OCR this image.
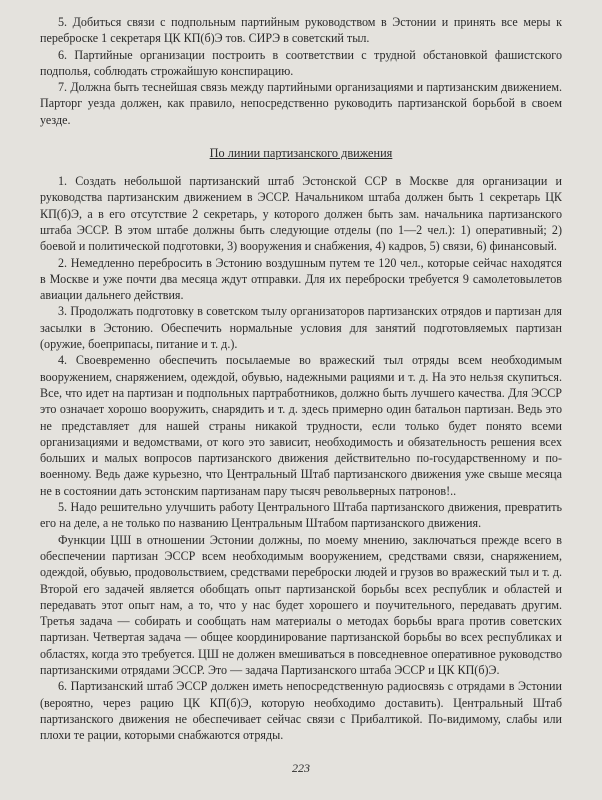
5. Добиться связи с подпольным партийным руководством в Эстонии и принять все меры к переброске 1 секретаря ЦК КП(б)Э тов. СИРЭ в советский тыл.

6. Партийные организации построить в соответствии с трудной обстановкой фашистского подполья, соблюдать строжайшую конспирацию.

7. Должна быть теснейшая связь между партийными организациями и партизанским движением. Парторг уезда должен, как правило, непосредственно руководить партизанской борьбой в своем уезде.

По линии партизанского движения

1. Создать небольшой партизанский штаб Эстонской ССР в Москве для организации и руководства партизанским движением в ЭССР. Начальником штаба должен быть 1 секретарь ЦК КП(б)Э, а в его отсутствие 2 секретарь, у которого должен быть зам. начальника партизанского штаба ЭССР. В этом штабе должны быть следующие отделы (по 1—2 чел.): 1) оперативный; 2) боевой и политической подготовки, 3) вооружения и снабжения, 4) кадров, 5) связи, 6) финансовый.

2. Немедленно перебросить в Эстонию воздушным путем те 120 чел., которые сейчас находятся в Москве и уже почти два месяца ждут отправки. Для их переброски требуется 9 самолетовылетов авиации дальнего действия.

3. Продолжать подготовку в советском тылу организаторов партизанских отрядов и партизан для засылки в Эстонию. Обеспечить нормальные условия для занятий подготовляемых партизан (оружие, боеприпасы, питание и т. д.).

4. Своевременно обеспечить посылаемые во вражеский тыл отряды всем необходимым вооружением, снаряжением, одеждой, обувью, надежными рациями и т. д. На это нельзя скупиться. Все, что идет на партизан и подпольных партработников, должно быть лучшего качества. Для ЭССР это означает хорошо вооружить, снарядить и т. д. здесь примерно один батальон партизан. Ведь это не представляет для нашей страны никакой трудности, если только будет понято всеми организациями и ведомствами, от кого это зависит, необходимость и обязательность решения всех больших и малых вопросов партизанского движения действительно по-государственному и по-военному. Ведь даже курьезно, что Центральный Штаб партизанского движения уже свыше месяца не в состоянии дать эстонским партизанам пару тысяч револьверных патронов!..

5. Надо решительно улучшить работу Центрального Штаба партизанского движения, превратить его на деле, а не только по названию Центральным Штабом партизанского движения.

Функции ЦШ в отношении Эстонии должны, по моему мнению, заключаться прежде всего в обеспечении партизан ЭССР всем необходимым вооружением, средствами связи, снаряжением, одеждой, обувью, продовольствием, средствами переброски людей и грузов во вражеский тыл и т. д. Второй его задачей является обобщать опыт партизанской борьбы всех республик и областей и передавать этот опыт нам, а то, что у нас будет хорошего и поучительного, передавать другим. Третья задача — собирать и сообщать нам материалы о методах борьбы врага против советских партизан. Четвертая задача — общее координирование партизанской борьбы во всех республиках и областях, когда это требуется. ЦШ не должен вмешиваться в повседневное оперативное руководство партизанскими отрядами ЭССР. Это — задача Партизанского штаба ЭССР и ЦК КП(б)Э.

6. Партизанский штаб ЭССР должен иметь непосредственную радиосвязь с отрядами в Эстонии (вероятно, через рацию ЦК КП(б)Э, которую необходимо доставить). Центральный Штаб партизанского движения не обеспечивает сейчас связи с Прибалтикой. По-видимому, слабы или плохи те рации, которыми снабжаются отряды.

223
